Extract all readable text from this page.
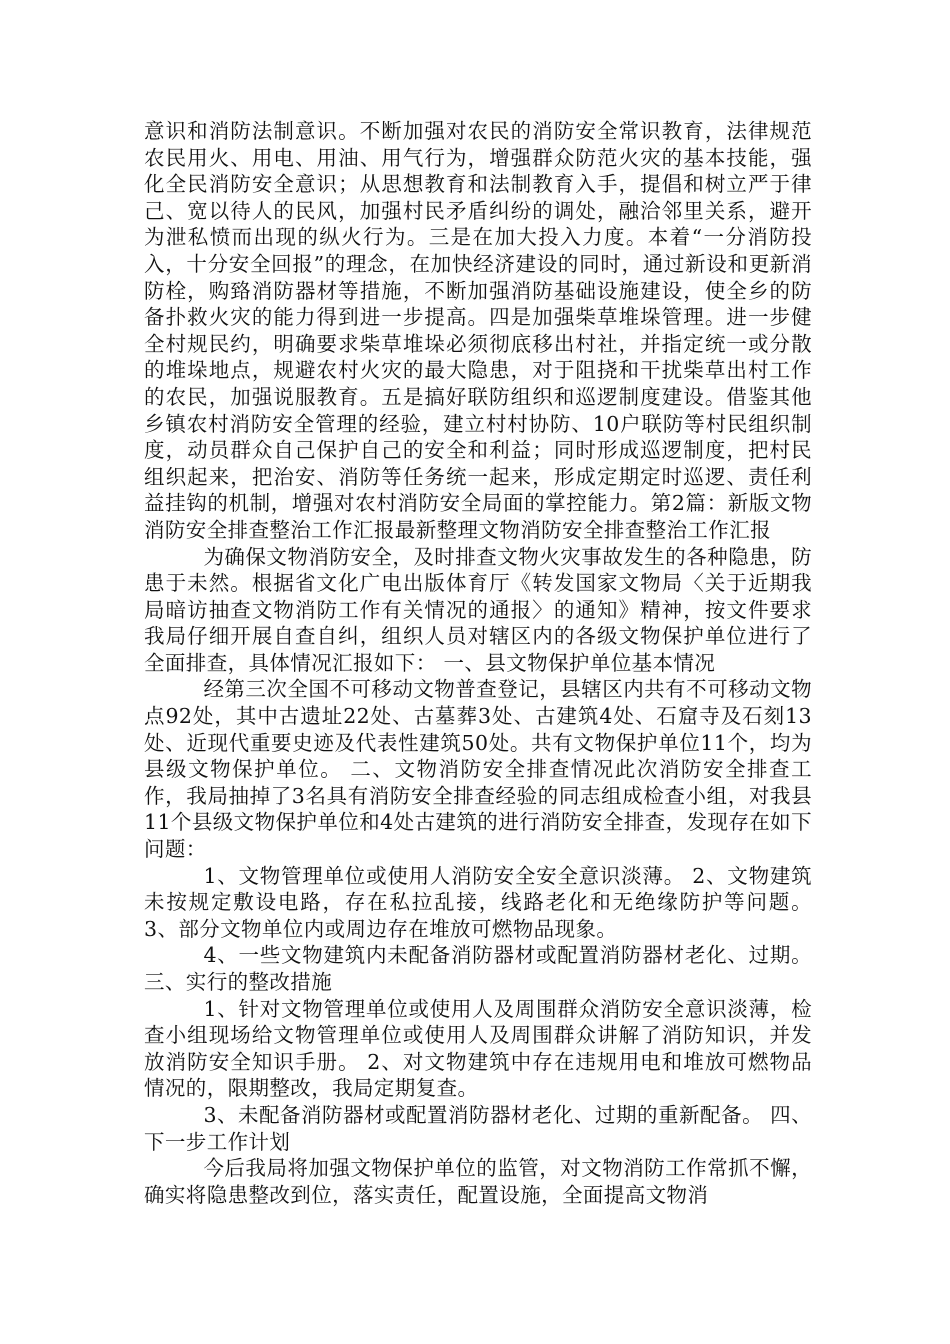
意识和消防法制意识。不断加强对农民的消防安全常识教育，法律规范农民用火、用电、用油、用气行为，增强群众防范火灾的基本技能，强化全民消防安全意识；从思想教育和法制教育入手，提倡和树立严于律己、宽以待人的民风，加强村民矛盾纠纷的调处，融洽邻里关系，避开为泄私愤而出现的纵火行为。三是在加大投入力度。本着“一分消防投入，十分安全回报”的理念，在加快经济建设的同时，通过新设和更新消防栓，购臵消防器材等措施，不断加强消防基础设施建设，使全乡的防备扑救火灾的能力得到进一步提高。四是加强柴草堆垛管理。进一步健全村规民约，明确要求柴草堆垛必须彻底移出村社，并指定统一或分散的堆垛地点，规避农村火灾的最大隐患，对于阻挠和干扰柴草出村工作的农民，加强说服教育。五是搞好联防组织和巡逻制度建设。借鉴其他乡镇农村消防安全管理的经验，建立村村协防、10户联防等村民组织制度，动员群众自己保护自己的安全和利益；同时形成巡逻制度，把村民组织起来，把治安、消防等任务统一起来，形成定期定时巡逻、责任利益挂钩的机制，增强对农村消防安全局面的掌控能力。第2篇：新版文物消防安全排查整治工作汇报最新整理文物消防安全排查整治工作汇报

为确保文物消防安全，及时排查文物火灾事故发生的各种隐患，防患于未然。根据省文化广电出版体育厅《转发国家文物局〈关于近期我局暗访抽查文物消防工作有关情况的通报〉的通知》精神，按文件要求我局仔细开展自查自纠，组织人员对辖区内的各级文物保护单位进行了全面排查，具体情况汇报如下： 一、县文物保护单位基本情况

经第三次全国不可移动文物普查登记，县辖区内共有不可移动文物点92处，其中古遗址22处、古墓葬3处、古建筑4处、石窟寺及石刻13处、近现代重要史迹及代表性建筑50处。共有文物保护单位11个，均为县级文物保护单位。 二、文物消防安全排查情况此次消防安全排查工作，我局抽掉了3名具有消防安全排查经验的同志组成检查小组，对我县11个县级文物保护单位和4处古建筑的进行消防安全排查，发现存在如下问题：

1、文物管理单位或使用人消防安全安全意识淡薄。 2、文物建筑未按规定敷设电路，存在私拉乱接，线路老化和无绝缘防护等问题。 3、部分文物单位内或周边存在堆放可燃物品现象。

4、一些文物建筑内未配备消防器材或配置消防器材老化、过期。 三、实行的整改措施

1、针对文物管理单位或使用人及周围群众消防安全意识淡薄，检查小组现场给文物管理单位或使用人及周围群众讲解了消防知识，并发放消防安全知识手册。 2、对文物建筑中存在违规用电和堆放可燃物品情况的，限期整改，我局定期复查。

3、未配备消防器材或配置消防器材老化、过期的重新配备。 四、下一步工作计划

今后我局将加强文物保护单位的监管，对文物消防工作常抓不懈，确实将隐患整改到位，落实责任，配置设施，全面提高文物消
